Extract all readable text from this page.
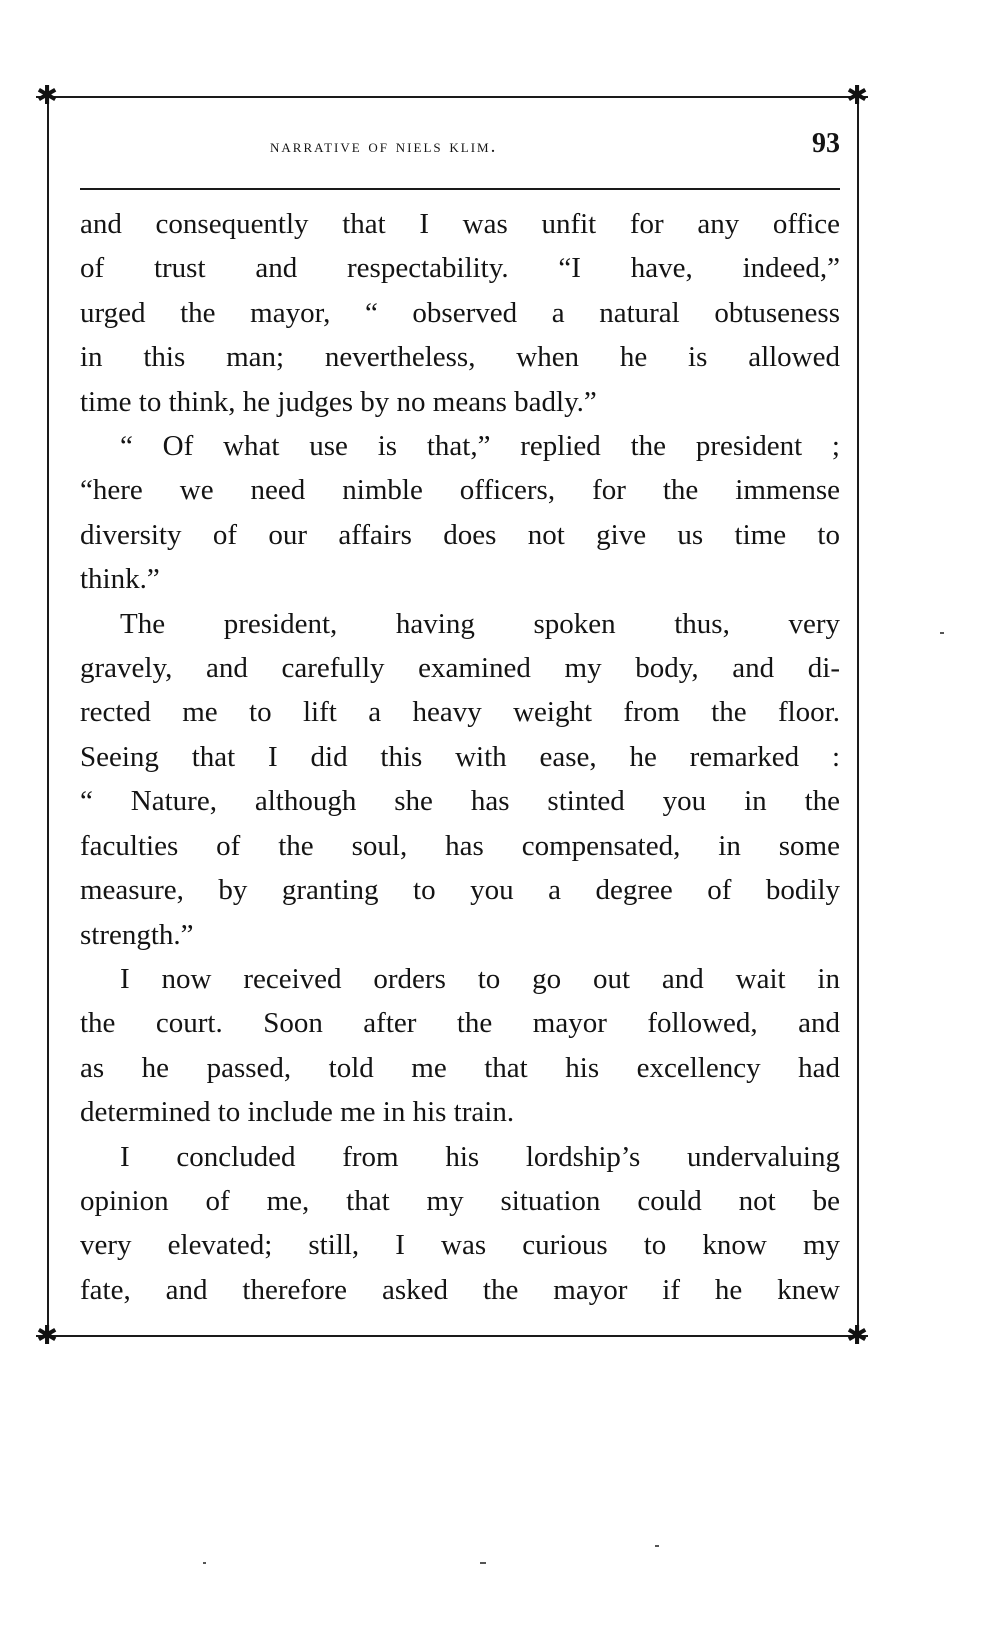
✱	✱
✱	✱
narrative of niels klim.	93
and consequently that I was unfit for any office
of trust and respectability. “I have, indeed,”
urged the mayor, “ observed a natural obtuseness
in this man; nevertheless, when he is allowed
time to think, he judges by no means badly.”
“ Of what use is that,” replied the president ;
“here we need nimble officers, for the immense
diversity of our affairs does not give us time to
think.”
The president, having spoken thus, very
gravely, and carefully examined my body, and di-
rected me to lift a heavy weight from the floor.
Seeing that I did this with ease, he remarked :
“ Nature, although she has stinted you in the
faculties of the soul, has compensated, in some
measure, by granting to you a degree of bodily
strength.”
I now received orders to go out and wait in
the court. Soon after the mayor followed, and
as he passed, told me that his excellency had
determined to include me in his train.
I concluded from his lordship’s undervaluing
opinion of me, that my situation could not be
very elevated; still, I was curious to know my
fate, and therefore asked the mayor if he knew
